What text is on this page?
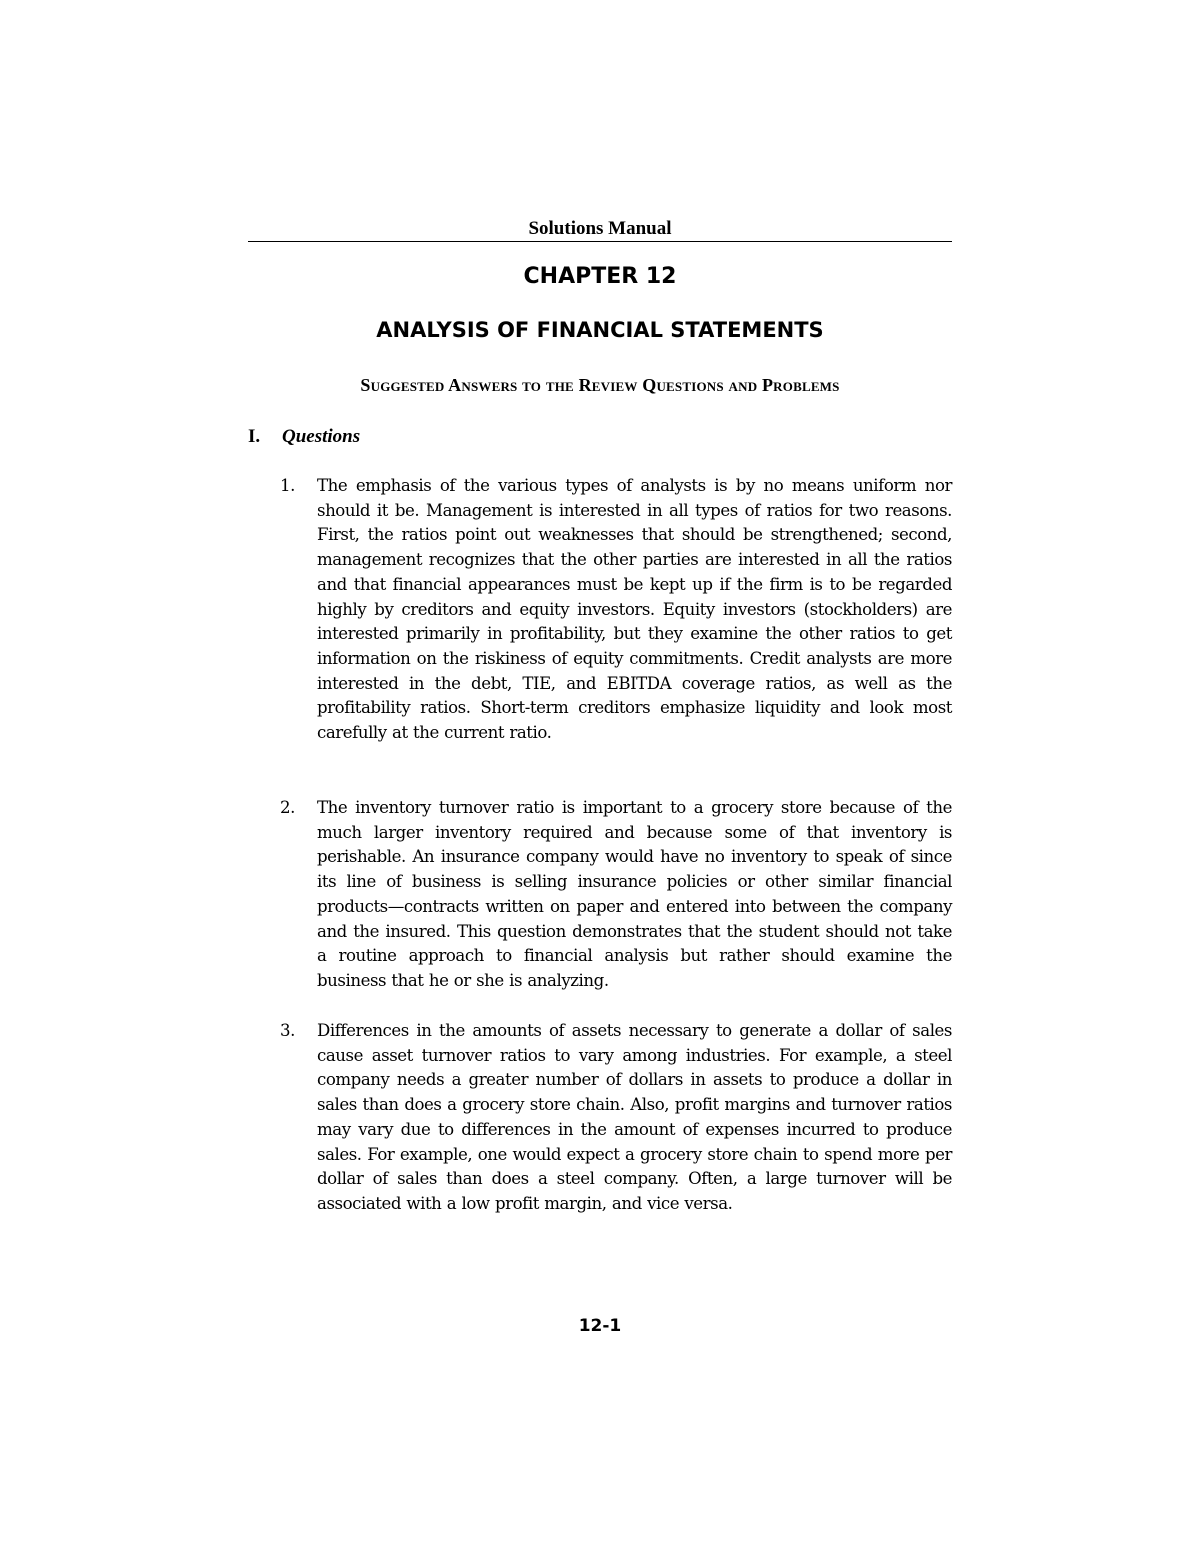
Solutions Manual
CHAPTER 12
ANALYSIS OF FINANCIAL STATEMENTS
Suggested Answers to the Review Questions and Problems
I. Questions
1.	The emphasis of the various types of analysts is by no means uniform nor should it be. Management is interested in all types of ratios for two reasons. First, the ratios point out weaknesses that should be strengthened; second, management recognizes that the other parties are interested in all the ratios and that financial appearances must be kept up if the firm is to be regarded highly by creditors and equity investors. Equity investors (stockholders) are interested primarily in profitability, but they examine the other ratios to get information on the riskiness of equity commitments. Credit analysts are more interested in the debt, TIE, and EBITDA coverage ratios, as well as the profitability ratios. Short-term creditors emphasize liquidity and look most carefully at the current ratio.
2.	The inventory turnover ratio is important to a grocery store because of the much larger inventory required and because some of that inventory is perishable. An insurance company would have no inventory to speak of since its line of business is selling insurance policies or other similar financial products—contracts written on paper and entered into between the company and the insured. This question demonstrates that the student should not take a routine approach to financial analysis but rather should examine the business that he or she is analyzing.
3.	Differences in the amounts of assets necessary to generate a dollar of sales cause asset turnover ratios to vary among industries. For example, a steel company needs a greater number of dollars in assets to produce a dollar in sales than does a grocery store chain. Also, profit margins and turnover ratios may vary due to differences in the amount of expenses incurred to produce sales. For example, one would expect a grocery store chain to spend more per dollar of sales than does a steel company. Often, a large turnover will be associated with a low profit margin, and vice versa.
12-1
